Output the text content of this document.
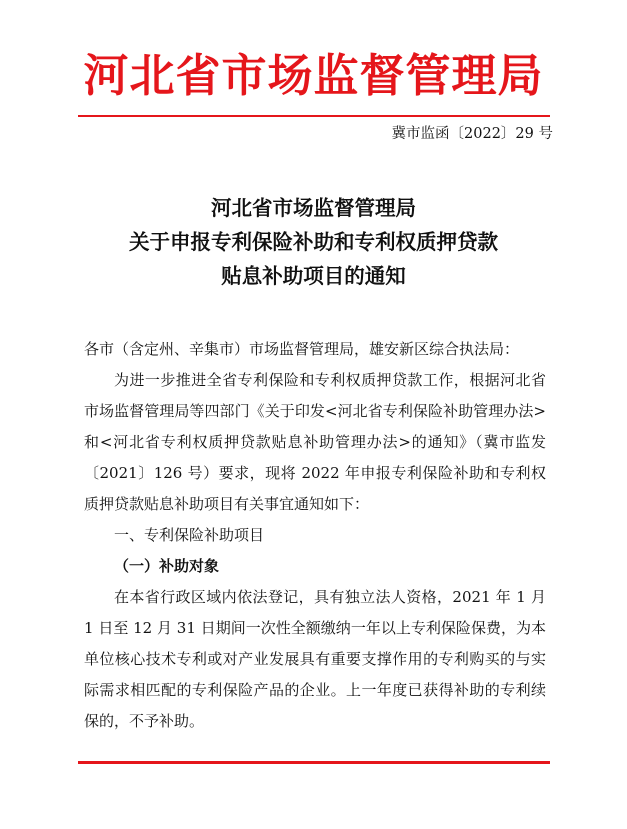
河北省市场监督管理局
冀市监函〔2022〕29 号
河北省市场监督管理局
关于申报专利保险补助和专利权质押贷款
贴息补助项目的通知

各市（含定州、辛集市）市场监督管理局，雄安新区综合执法局：

为进一步推进全省专利保险和专利权质押贷款工作，根据河北省市场监督管理局等四部门《关于印发<河北省专利保险补助管理办法>和<河北省专利权质押贷款贴息补助管理办法>的通知》（冀市监发〔2021〕126 号）要求，现将 2022 年申报专利保险补助和专利权质押贷款贴息补助项目有关事宜通知如下：

一、专利保险补助项目

（一）补助对象

在本省行政区域内依法登记，具有独立法人资格，2021 年 1 月 1 日至 12 月 31 日期间一次性全额缴纳一年以上专利保险保费，为本单位核心技术专利或对产业发展具有重要支撑作用的专利购买的与实际需求相匹配的专利保险产品的企业。上一年度已获得补助的专利续保的，不予补助。
